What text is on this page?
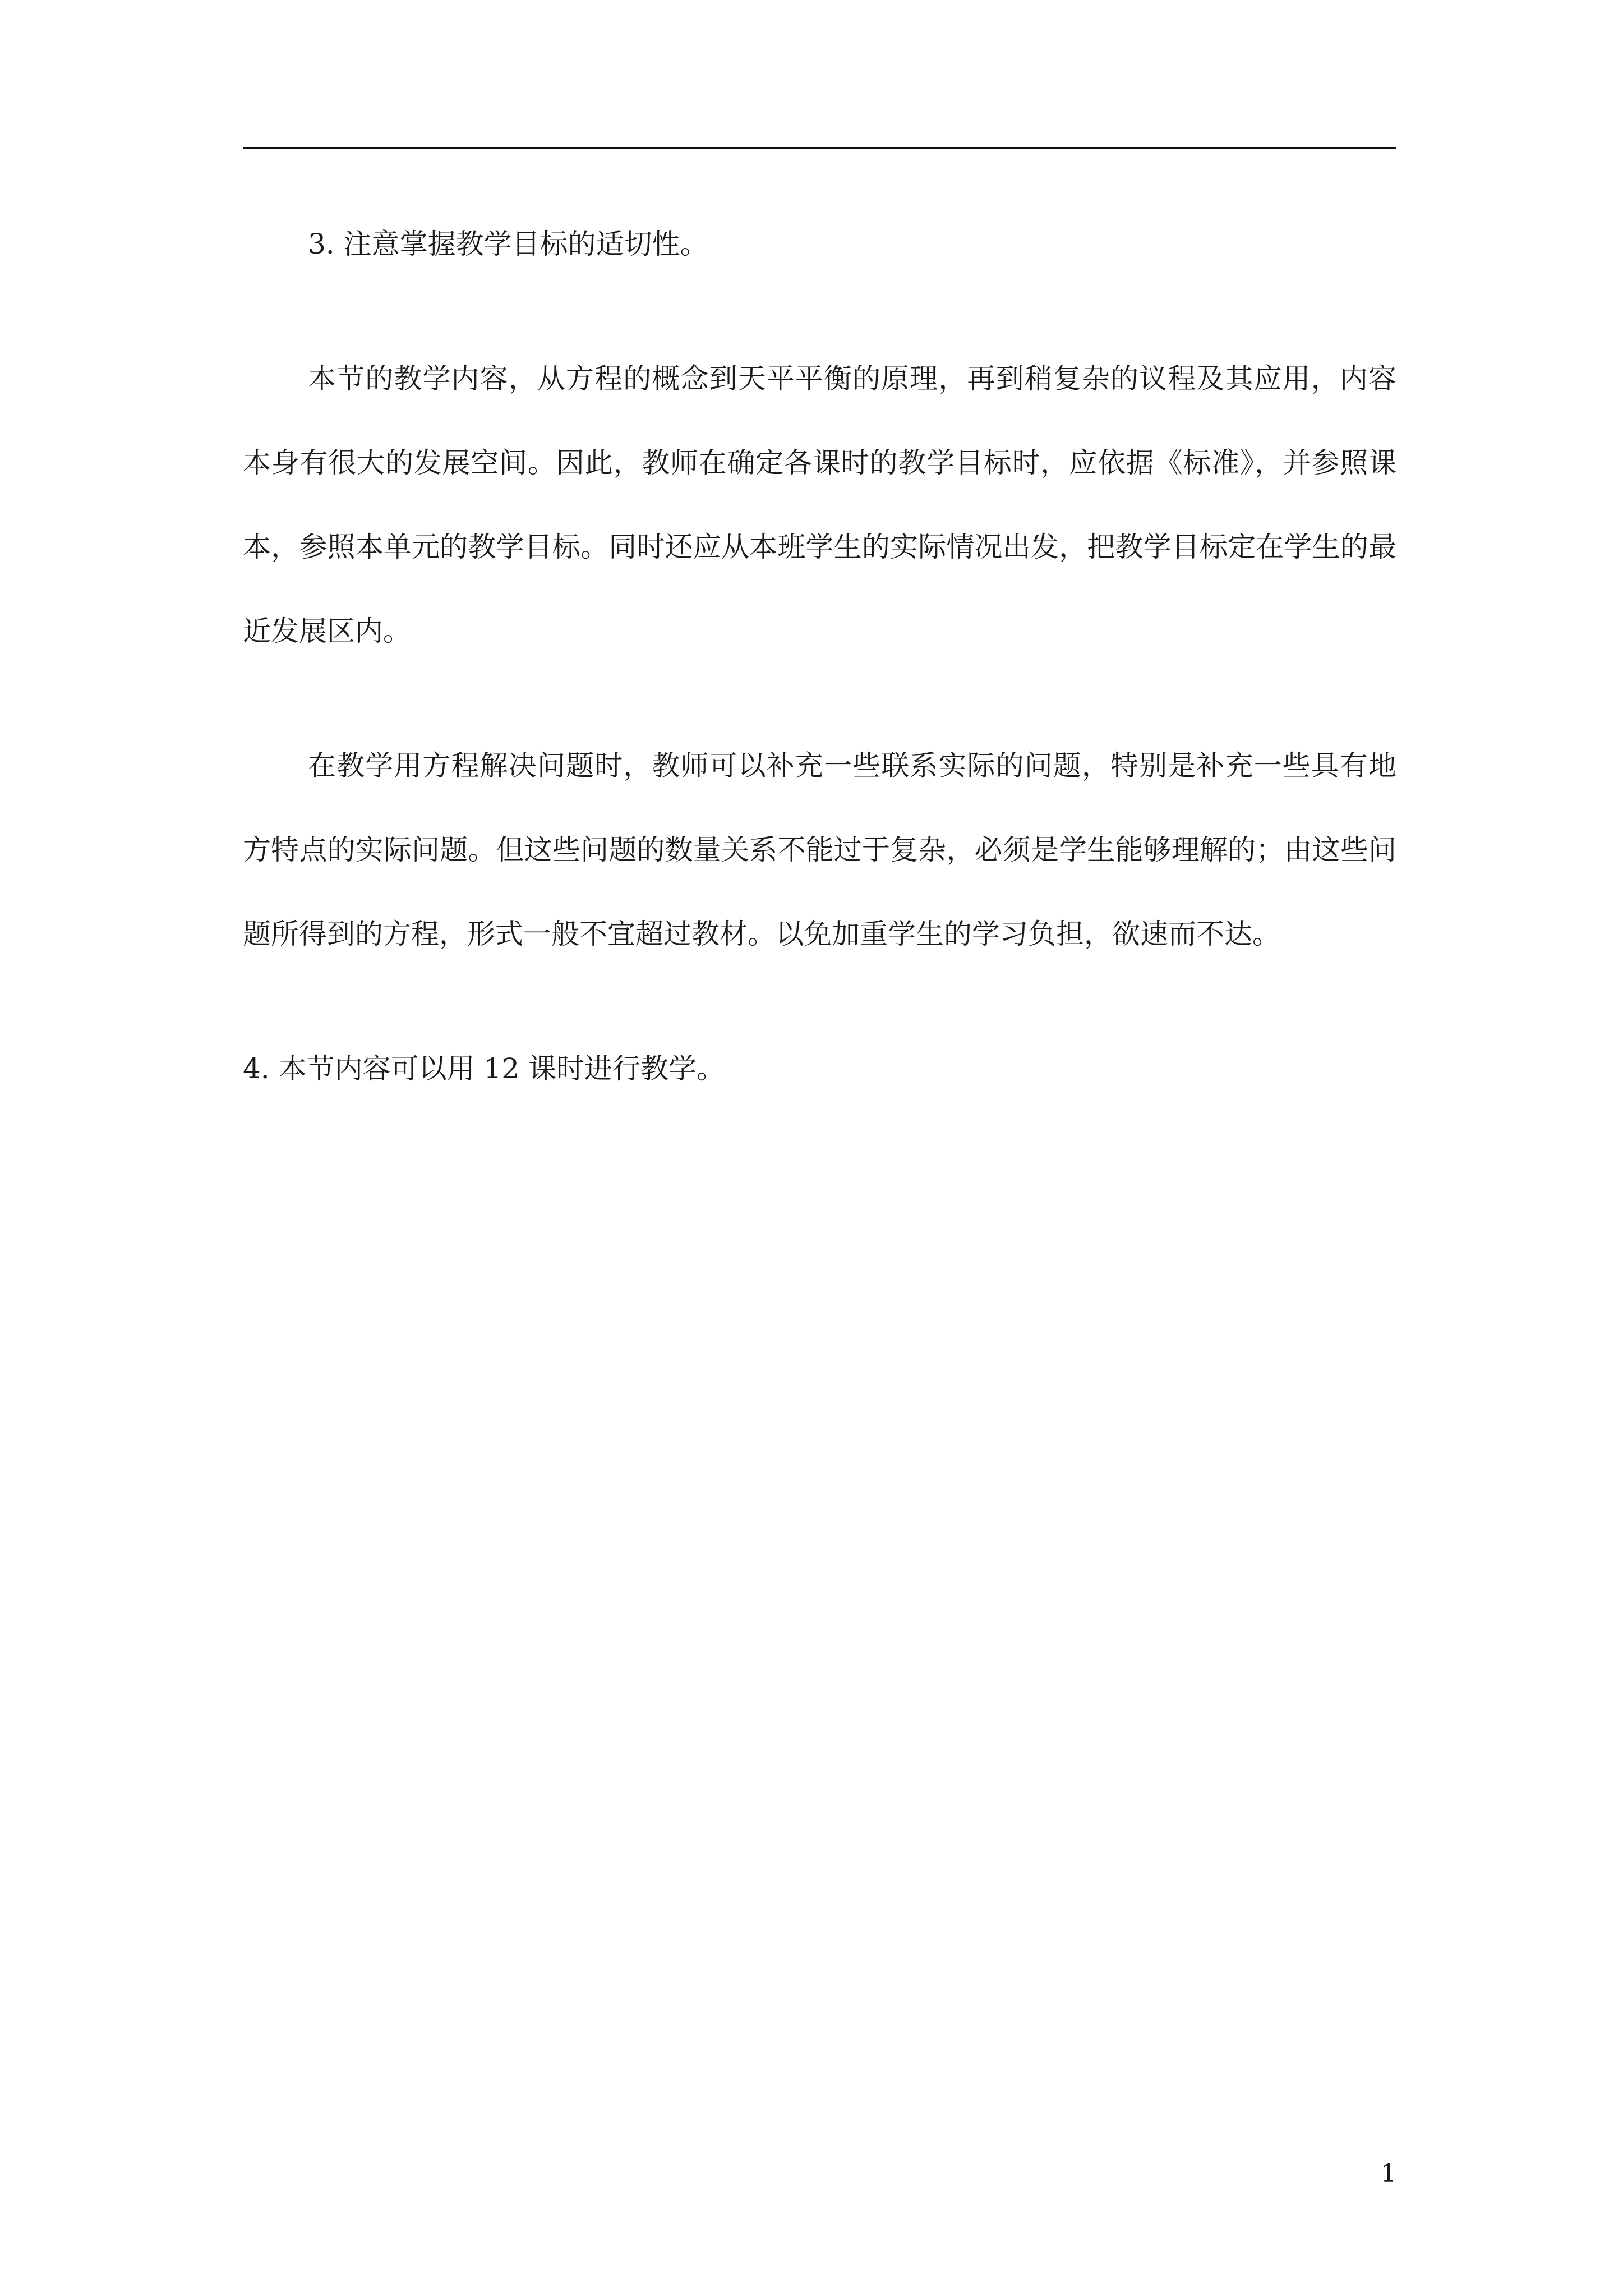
3. 注意掌握教学目标的适切性。

本节的教学内容，从方程的概念到天平平衡的原理，再到稍复杂的议程及其应用，内容本身有很大的发展空间。因此，教师在确定各课时的教学目标时，应依据《标准》，并参照课本，参照本单元的教学目标。同时还应从本班学生的实际情况出发，把教学目标定在学生的最近发展区内。

在教学用方程解决问题时，教师可以补充一些联系实际的问题，特别是补充一些具有地方特点的实际问题。但这些问题的数量关系不能过于复杂，必须是学生能够理解的；由这些问题所得到的方程，形式一般不宜超过教材。以免加重学生的学习负担，欲速而不达。

4. 本节内容可以用 12 课时进行教学。

1
